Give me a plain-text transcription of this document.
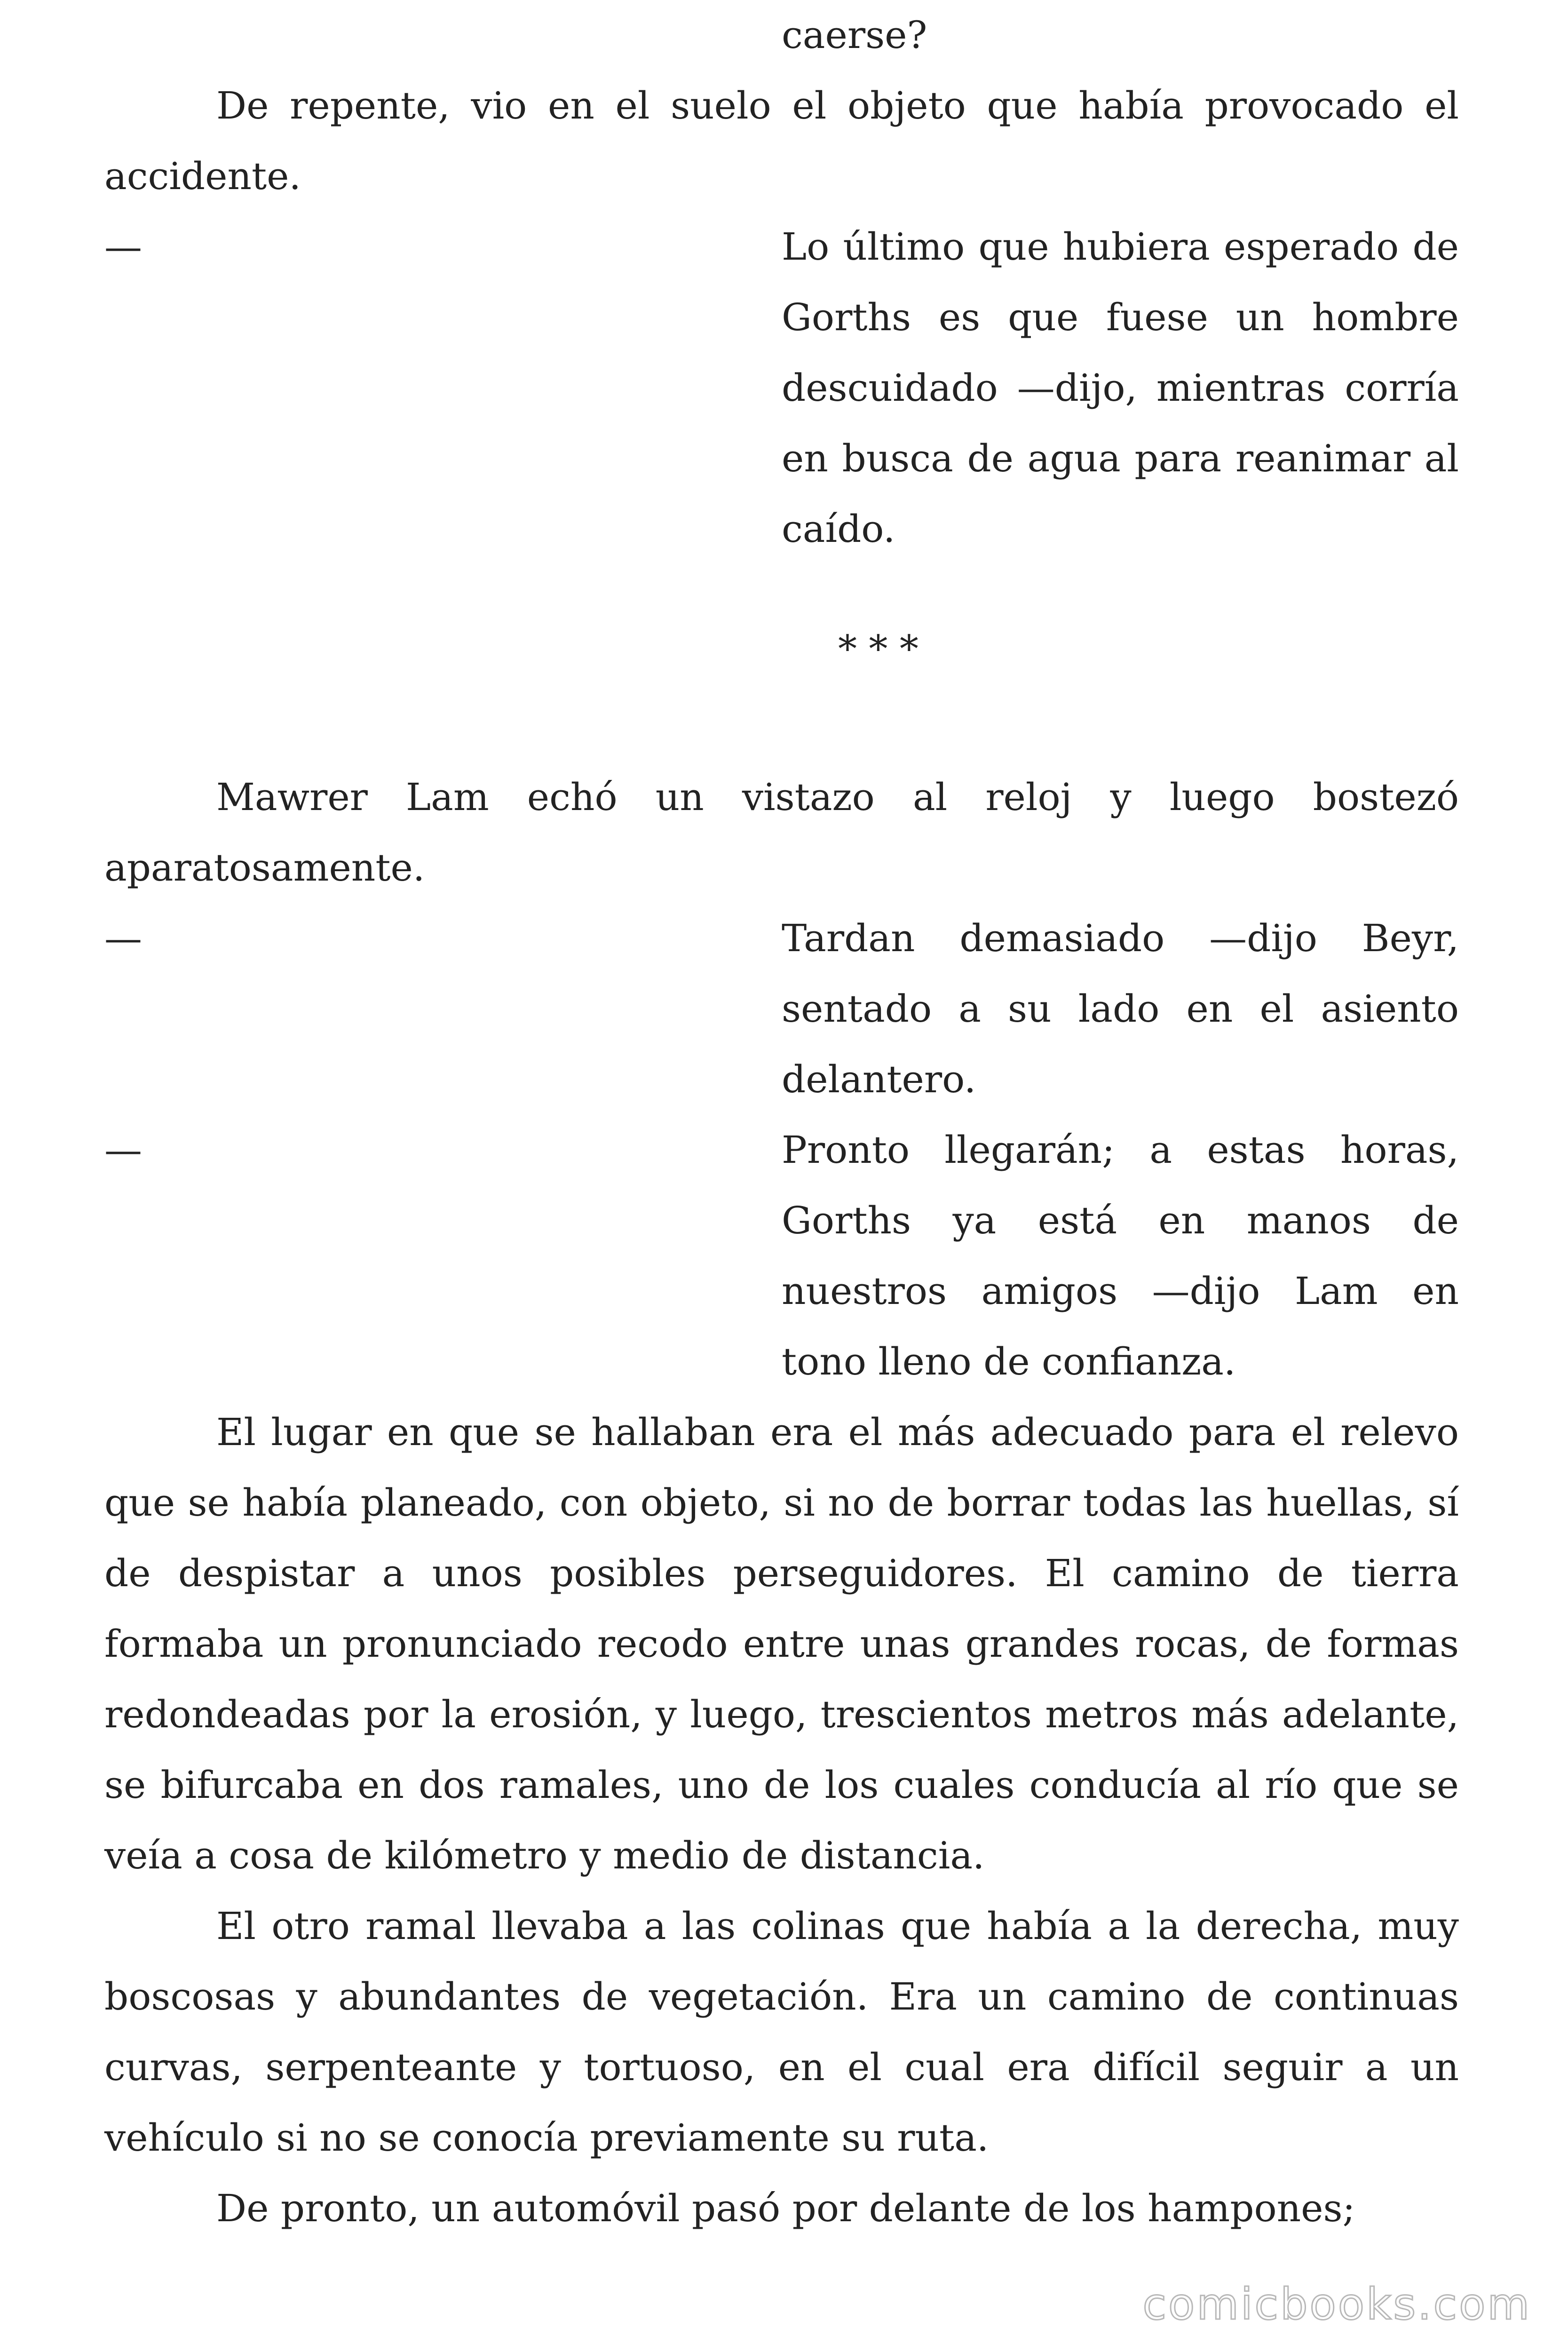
caerse?

De repente, vio en el suelo el objeto que había provocado el accidente.

—	Lo último que hubiera esperado de Gorths es que fuese un hombre descuidado —dijo, mientras corría en busca de agua para reanimar al caído.
* * *

Mawrer Lam echó un vistazo al reloj y luego bostezó aparatosamente.

—	Tardan demasiado —dijo Beyr, sentado a su lado en el asiento delantero.
—	Pronto llegarán; a estas horas, Gorths ya está en manos de nuestros amigos —dijo Lam en tono lleno de confianza.

El lugar en que se hallaban era el más adecuado para el relevo que se había planeado, con objeto, si no de borrar todas las huellas, sí de despistar a unos posibles perseguidores. El camino de tierra formaba un pronunciado recodo entre unas grandes rocas, de formas redondeadas por la erosión, y luego, trescientos metros más adelante, se bifurcaba en dos ramales, uno de los cuales conducía al río que se veía a cosa de kilómetro y medio de distancia.

El otro ramal llevaba a las colinas que había a la derecha, muy boscosas y abundantes de vegetación. Era un camino de continuas curvas, serpenteante y tortuoso, en el cual era difícil seguir a un vehículo si no se conocía previamente su ruta.

De pronto, un automóvil pasó por delante de los hampones;

comicbooks.com
